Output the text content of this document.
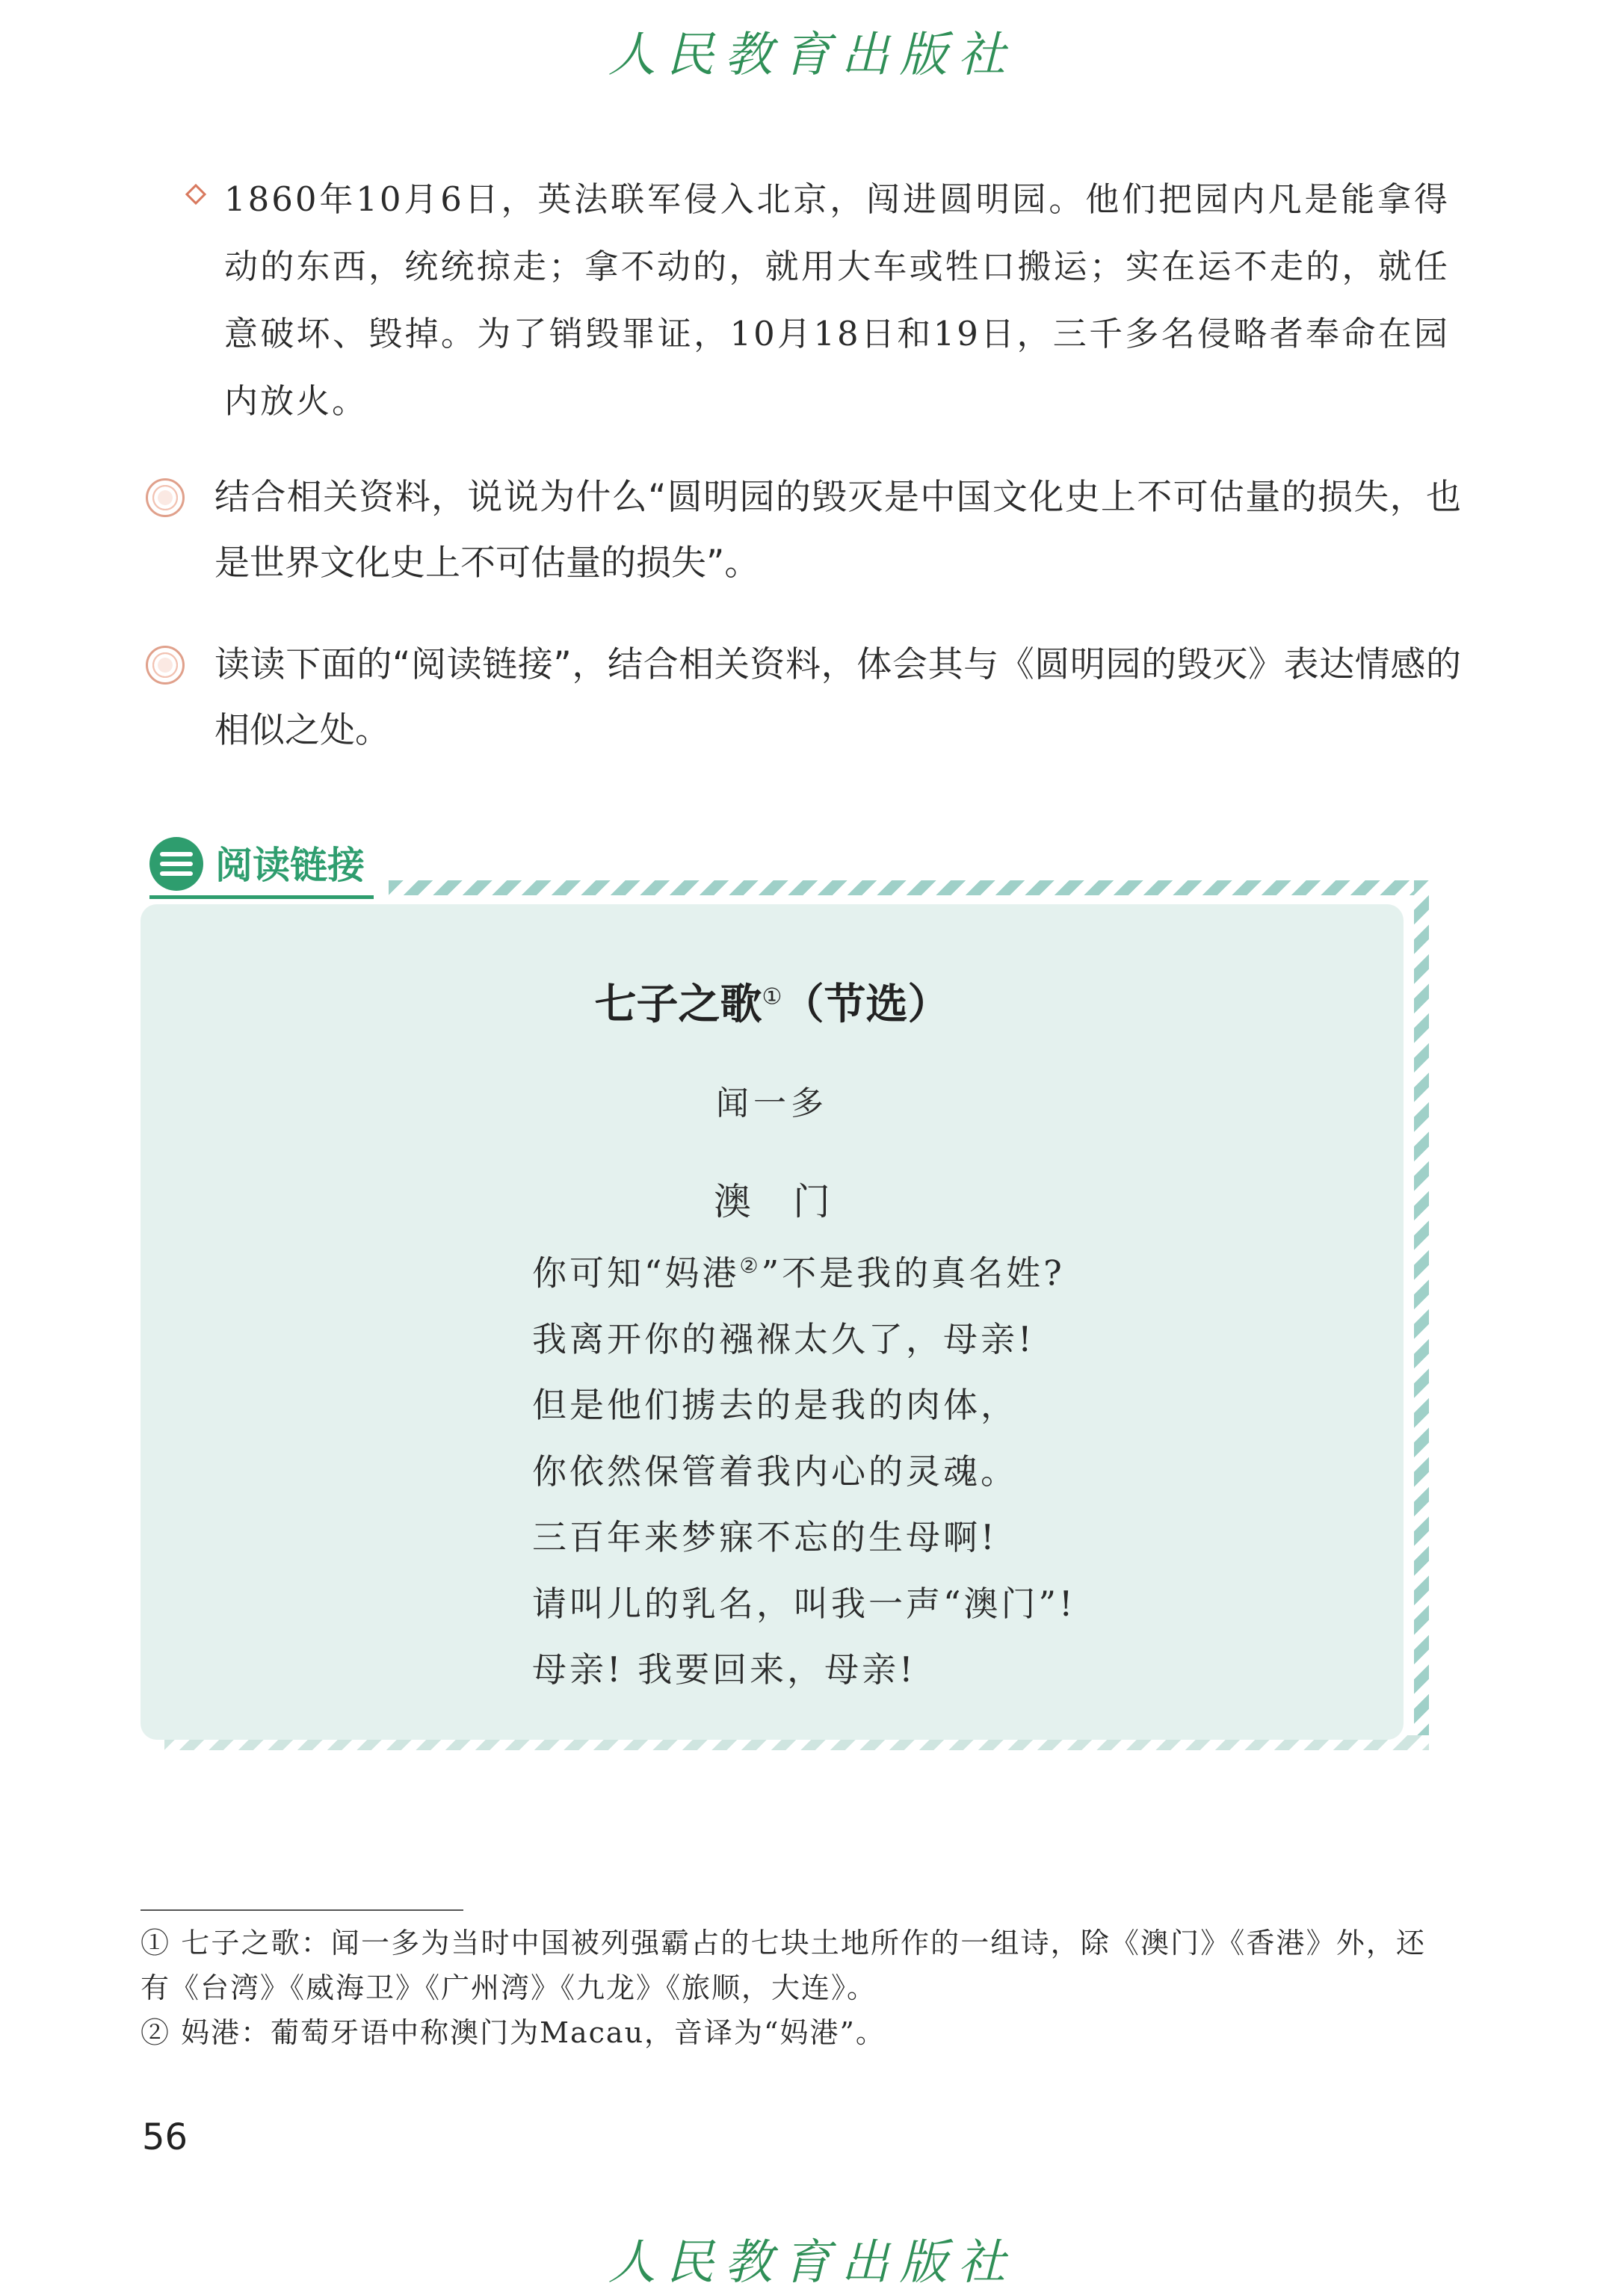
人民教育出版社

1860年10月6日，英法联军侵入北京，闯进圆明园。他们把园内凡是能拿得动的东西，统统掠走；拿不动的，就用大车或牲口搬运；实在运不走的，就任意破坏、毁掉。为了销毁罪证，10月18日和19日，三千多名侵略者奉命在园内放火。

结合相关资料，说说为什么“圆明园的毁灭是中国文化史上不可估量的损失，也是世界文化史上不可估量的损失”。

读读下面的“阅读链接”，结合相关资料，体会其与《圆明园的毁灭》表达情感的相似之处。

阅读链接
七子之歌①（节选）
闻一多
澳 门
你可知“妈港②”不是我的真名姓?
我离开你的襁褓太久了，母亲!
但是他们掳去的是我的肉体，
你依然保管着我内心的灵魂。
三百年来梦寐不忘的生母啊!
请叫儿的乳名，叫我一声“澳门”!
母亲! 我要回来，母亲!

① 七子之歌：闻一多为当时中国被列强霸占的七块土地所作的一组诗，除《澳门》《香港》外，还有《台湾》《威海卫》《广州湾》《九龙》《旅顺，大连》。

② 妈港：葡萄牙语中称澳门为Macau，音译为“妈港”。

56
人民教育出版社
